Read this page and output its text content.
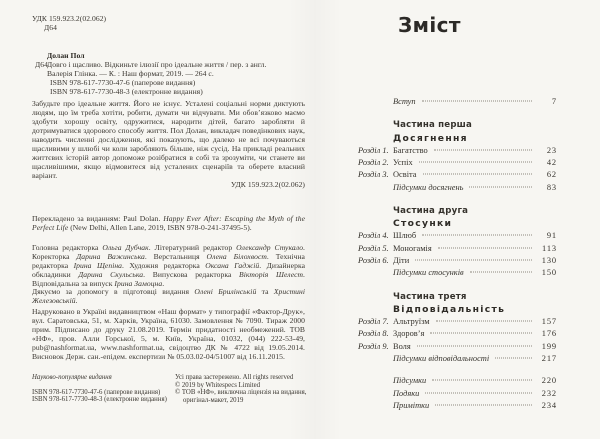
УДК 159.923.2(02.062)
Д64
Долан Пол
Д64 Довго і щасливо. Відкиньте ілюзії про ідеальне життя / пер. з англ.
Валерія Глінка. — К. : Наш формат, 2019. — 264 с.
ISBN 978-617-7730-47-6 (паперове видання)
ISBN 978-617-7730-48-3 (електронне видання)
Забудьте про ідеальне життя. Його не існує. Усталені соціальні норми диктують людям, що їм треба хотіти, робити, думати чи відчувати. Ми обов’язково маємо здобути хорошу освіту, одружитися, народити дітей, багато заробляти й дотримуватися здорового способу життя. Пол Долан, викладач поведінкових наук, наводить численні дослідження, які показують, що далеко не всі почуваються щасливими у шлюбі чи коли заробляють більше, ніж сусід. На прикладі реальних життєвих історій автор допоможе розібратися в собі та зрозуміти, чи станете ви щасливішими, якщо відмовитеся від усталених сценаріїв та оберете власний варіант.
УДК 159.923.2(02.062)
Перекладено за виданням: Paul Dolan. Happy Ever After: Escaping the Myth of the Perfect Life (New Delhi, Allen Lane, 2019, ISBN 978-0-241-37495-5).
Головна редакторка Ольга Дубчак. Літературний редактор Олександр Стукало. Коректорка Дарина Важинська. Верстальниця Олена Білохвост. Технічна редакторка Ірина Щепіна. Художня редакторка Оксана Гаджій. Дизайнерка обкладинки Дарина Скульська. Випускова редакторка Вікторія Шелест. Відповідальна за випуск Ірина Замоцна.
Дякуємо за допомогу в підготовці видання Олені Брилінській та Христині Железовській.
Надруковано в Україні видавництвом «Наш формат» у типографії «Фактор-Друк», вул. Саратовська, 51, м. Харків, Україна, 61030. Замовлення № 7090. Тираж 2000 прим. Підписано до друку 21.08.2019. Термін придатності необмежений. ТОВ «НФ», пров. Алли Горської, 5, м. Київ, Україна, 01032, (044) 222-53-49, pub@nashformat.ua, www.nashformat.ua, свідоцтво ДК № 4722 від 19.05.2014. Висновок Держ. сан.-епідем. експертизи № 05.03.02-04/51007 від 16.11.2015.
Науково-популярне видання
ISBN 978-617-7730-47-6 (паперове видання)
ISBN 978-617-7730-48-3 (електронне видання)
Усі права застережено. All rights reserved
© 2019 by Whitespecs Limited
© ТОВ «НФ», виключна ліцензія на видання,
оригінал-макет, 2019
Зміст
Вступ	7
Частина перша
Досягнення
Розділ 1. Багатство	23
Розділ 2. Успіх	42
Розділ 3. Освіта	62
Підсумки досягнень	83
Частина друга
Стосунки
Розділ 4. Шлюб	91
Розділ 5. Моногамія	113
Розділ 6. Діти	130
Підсумки стосунків	150
Частина третя
Відповідальність
Розділ 7. Альтруїзм	157
Розділ 8. Здоров’я	176
Розділ 9. Воля	199
Підсумки відповідальності	217
Підсумки	220
Подяки	232
Примітки	234
